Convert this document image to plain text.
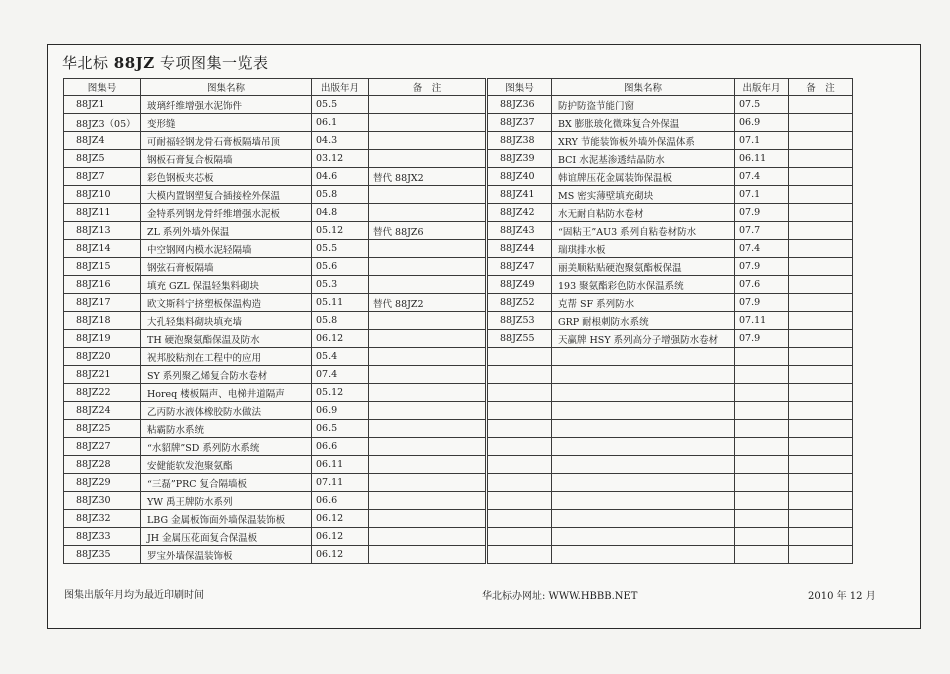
华北标 88JZ 专项图集一览表
图集号	图集名称	出版年月	备　注
88JZ1	玻璃纤维增强水泥饰件	05.5	
88JZ3（05）	变形缝	06.1	
88JZ4	可耐福轻钢龙骨石膏板隔墙吊顶	04.3	
88JZ5	钢板石膏复合板隔墙	03.12	
88JZ7	彩色钢板夹芯板	04.6	替代 88JX2
88JZ10	大模内置钢塑复合插接栓外保温	05.8	
88JZ11	金特系列钢龙骨纤维增强水泥板	04.8	
88JZ13	ZL 系列外墙外保温	05.12	替代 88JZ6
88JZ14	中空钢网内模水泥轻隔墙	05.5	
88JZ15	钢弦石膏板隔墙	05.6	
88JZ16	填充 GZL 保温轻集料砌块	05.3	
88JZ17	欧文斯科宁挤塑板保温构造	05.11	替代 88JZ2
88JZ18	大孔轻集料砌块填充墙	05.8	
88JZ19	TH 硬泡聚氨酯保温及防水	06.12	
88JZ20	祝邦胶粘剂在工程中的应用	05.4	
88JZ21	SY 系列聚乙烯复合防水卷材	07.4	
88JZ22	Horeq 楼板隔声、电梯井道隔声	05.12	
88JZ24	乙丙防水液体橡胶防水做法	06.9	
88JZ25	粘霸防水系统	06.5	
88JZ27	“水貂牌”SD 系列防水系统	06.6	
88JZ28	安健能软发泡聚氨酯	06.11	
88JZ29	“三磊”PRC 复合隔墙板	07.11	
88JZ30	YW 禹王牌防水系列	06.6	
88JZ32	LBG 金属板饰面外墙保温装饰板	06.12	
88JZ33	JH 金属压花面复合保温板	06.12	
88JZ35	罗宝外墙保温装饰板	06.12	
图集号	图集名称	出版年月	备　注
88JZ36	防护防盗节能门窗	07.5	
88JZ37	BX 膨胀玻化微珠复合外保温	06.9	
88JZ38	XRY 节能装饰板外墙外保温体系	07.1	
88JZ39	BCI 水泥基渗透结晶防水	06.11	
88JZ40	韩谊牌压花金属装饰保温板	07.4	
88JZ41	MS 密实薄壁填充砌块	07.1	
88JZ42	水无耐自粘防水卷材	07.9	
88JZ43	“固粘王”AU3 系列自粘卷材防水	07.7	
88JZ44	瑞琪排水板	07.4	
88JZ47	丽美顺粘贴硬泡聚氨酯板保温	07.9	
88JZ49	193 聚氨酯彩色防水保温系统	07.6	
88JZ52	克帮 SF 系列防水	07.9	
88JZ53	GRP 耐根刺防水系统	07.11	
88JZ55	天赢牌 HSY 系列高分子增强防水卷材	07.9	

图集出版年月均为最近印刷时间	华北标办网址: WWW.HBBB.NET	2010 年 12 月
